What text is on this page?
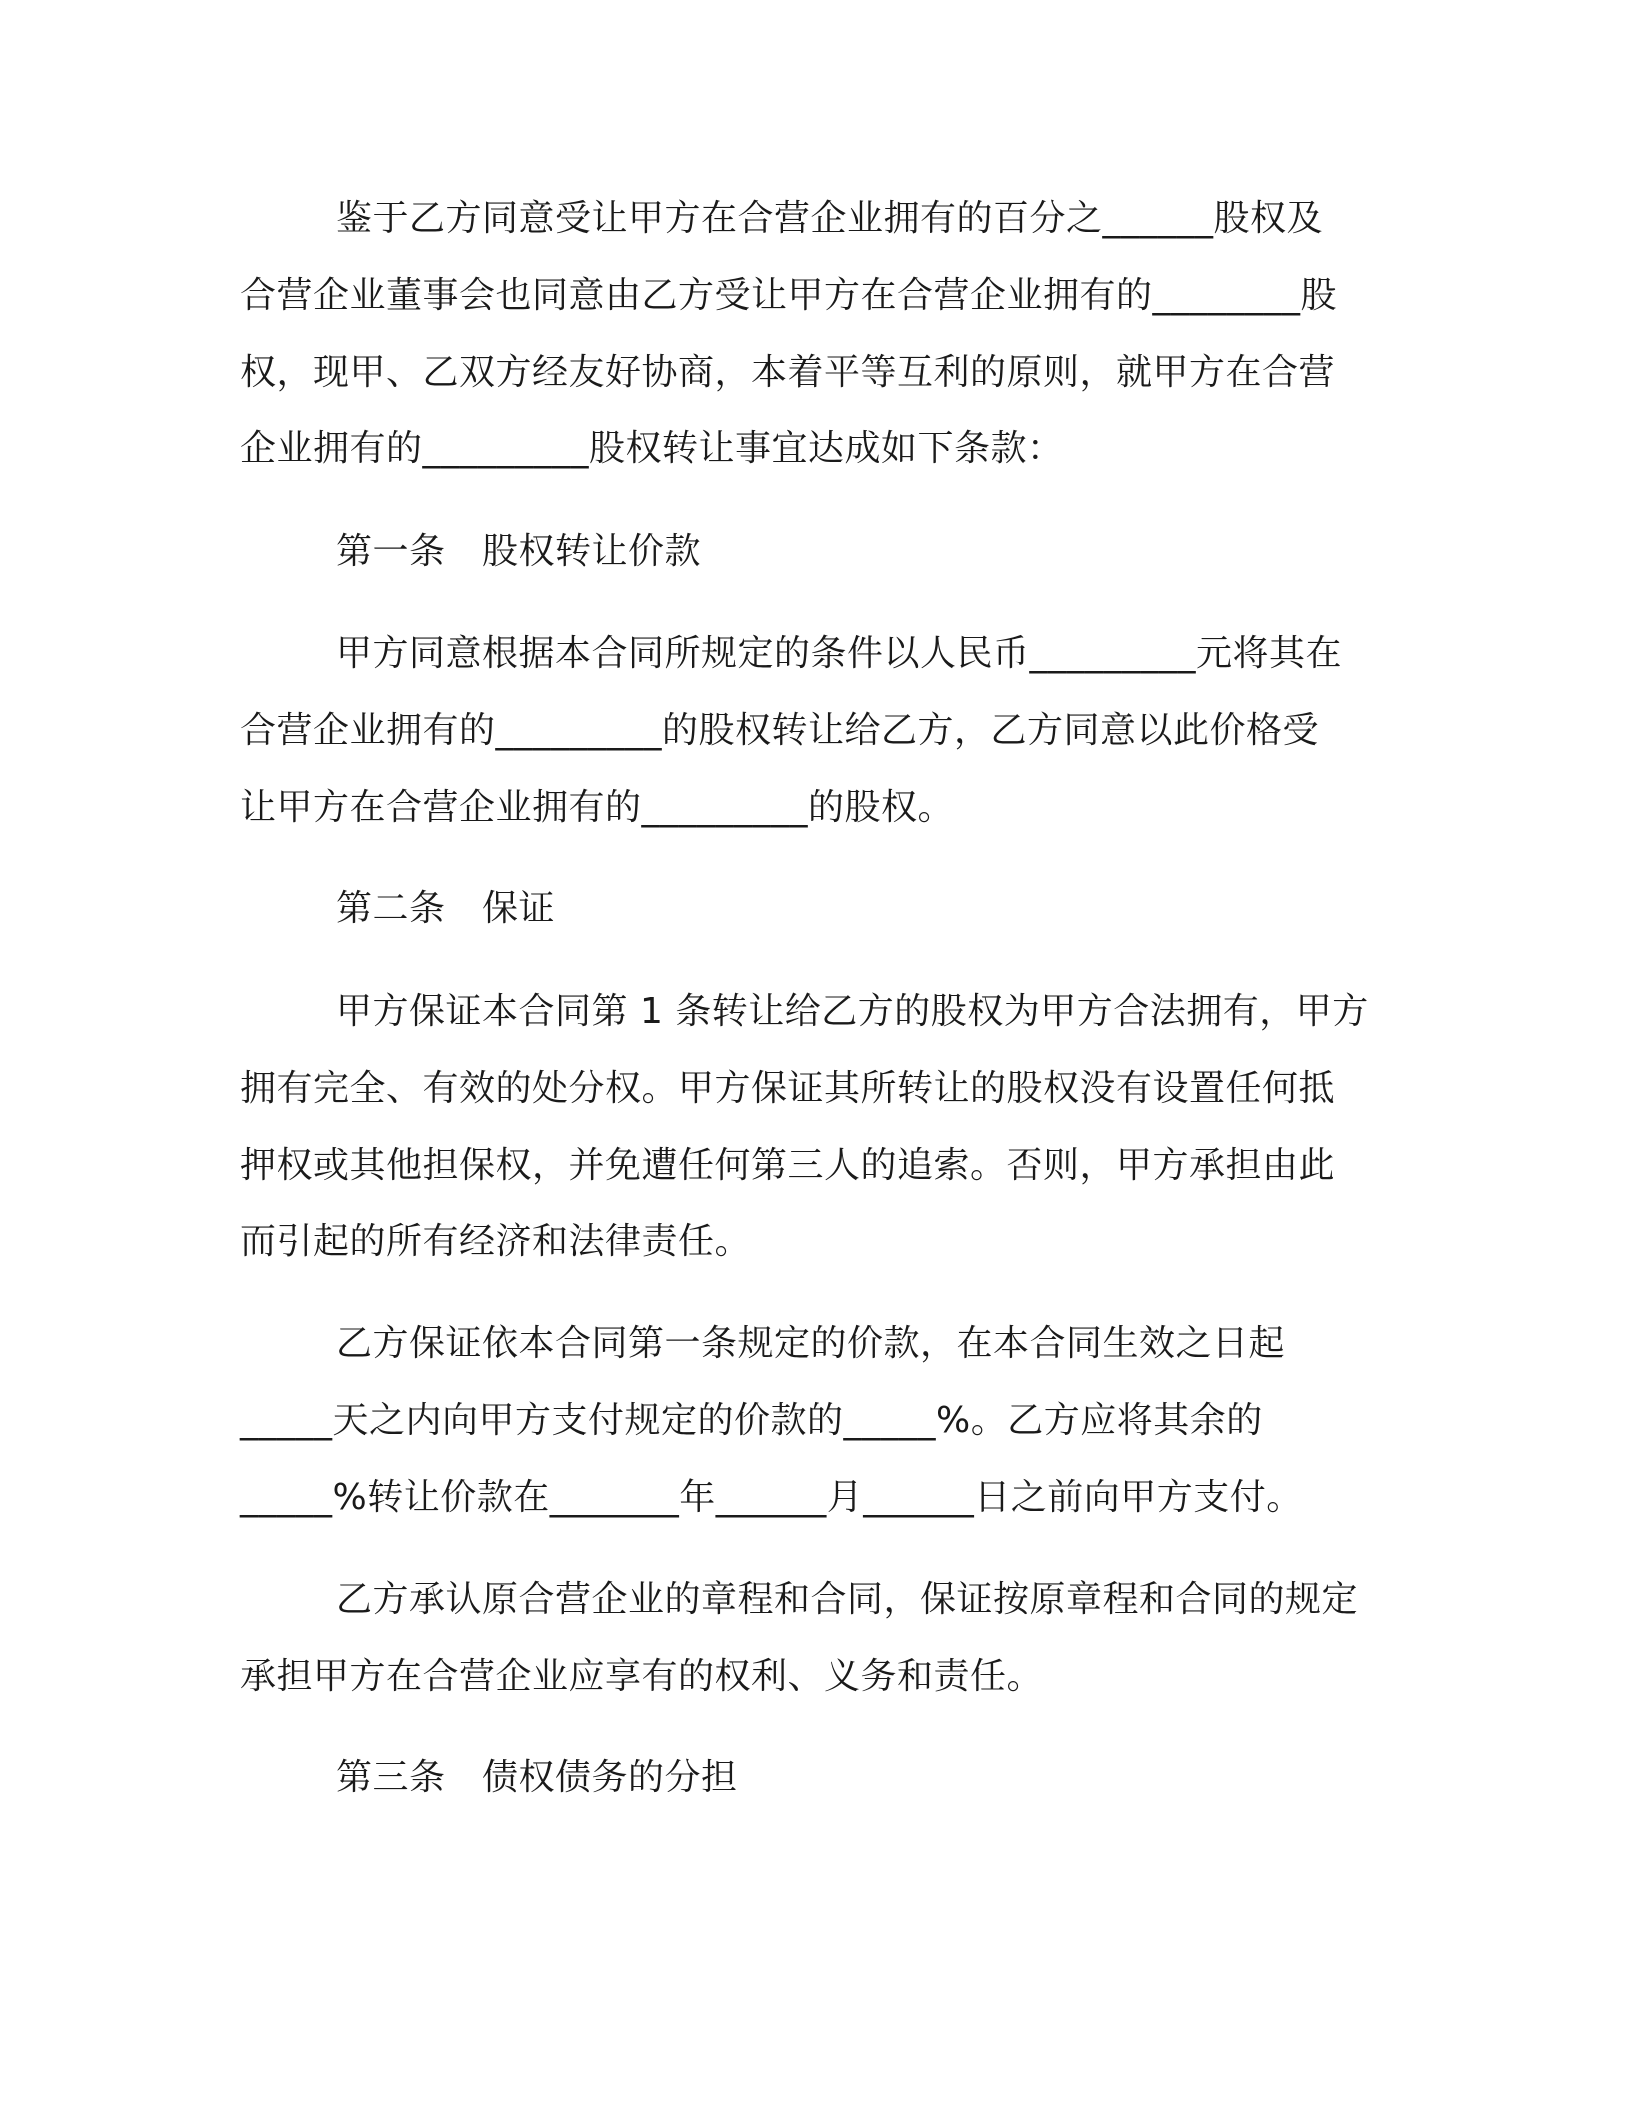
鉴于乙方同意受让甲方在合营企业拥有的百分之______股权及
合营企业董事会也同意由乙方受让甲方在合营企业拥有的________股
权，现甲、乙双方经友好协商，本着平等互利的原则，就甲方在合营
企业拥有的_________股权转让事宜达成如下条款：
第一条　股权转让价款
甲方同意根据本合同所规定的条件以人民币_________元将其在
合营企业拥有的_________的股权转让给乙方，乙方同意以此价格受
让甲方在合营企业拥有的_________的股权。
第二条　保证
甲方保证本合同第 1 条转让给乙方的股权为甲方合法拥有，甲方
拥有完全、有效的处分权。甲方保证其所转让的股权没有设置任何抵
押权或其他担保权，并免遭任何第三人的追索。否则，甲方承担由此
而引起的所有经济和法律责任。
乙方保证依本合同第一条规定的价款，在本合同生效之日起
_____天之内向甲方支付规定的价款的_____%。乙方应将其余的
_____%转让价款在_______年______月______日之前向甲方支付。
乙方承认原合营企业的章程和合同，保证按原章程和合同的规定
承担甲方在合营企业应享有的权利、义务和责任。
第三条　债权债务的分担
